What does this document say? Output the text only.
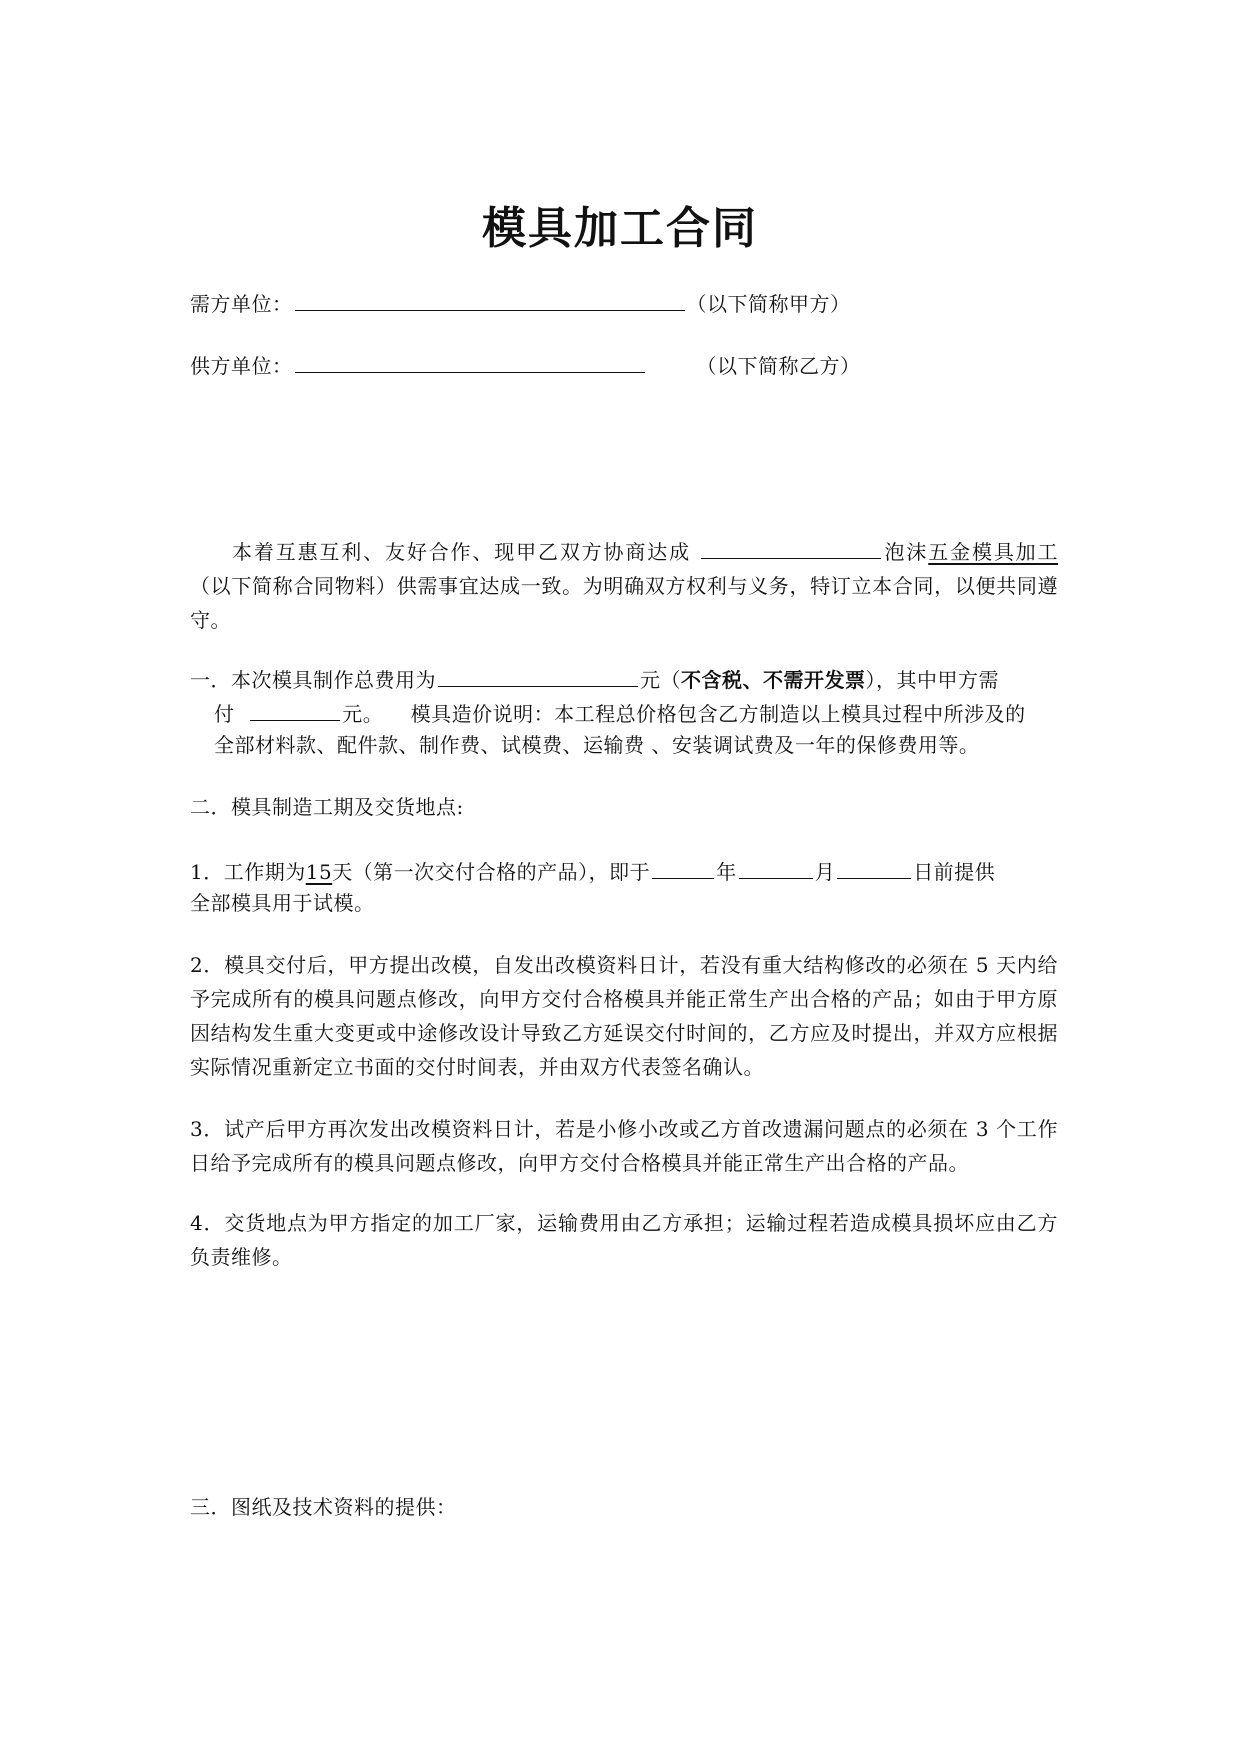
模具加工合同
需方单位：	（以下简称甲方）
供方单位：	（以下简称乙方）
本着互惠互利、友好合作、现甲乙双方协商达成	泡沫五金模具加工（以下简称合同物料）供需事宜达成一致。为明确双方权利与义务，特订立本合同，以便共同遵守。
一．本次模具制作总费用为	元（不含税、不需开发票），其中甲方需
付	元。 模具造价说明：本工程总价格包含乙方制造以上模具过程中所涉及的
全部材料款、配件款、制作费、试模费、运输费 、安装调试费及一年的保修费用等。
二．模具制造工期及交货地点:
1．工作期为15天（第一次交付合格的产品），即于	年	月	日前提供
全部模具用于试模。
2．模具交付后，甲方提出改模，自发出改模资料日计，若没有重大结构修改的必须在 5 天内给予完成所有的模具问题点修改，向甲方交付合格模具并能正常生产出合格的产品；如由于甲方原因结构发生重大变更或中途修改设计导致乙方延误交付时间的，乙方应及时提出，并双方应根据实际情况重新定立书面的交付时间表，并由双方代表签名确认。
3．试产后甲方再次发出改模资料日计，若是小修小改或乙方首改遗漏问题点的必须在 3 个工作日给予完成所有的模具问题点修改，向甲方交付合格模具并能正常生产出合格的产品。
4．交货地点为甲方指定的加工厂家，运输费用由乙方承担；运输过程若造成模具损坏应由乙方负责维修。
三．图纸及技术资料的提供：
